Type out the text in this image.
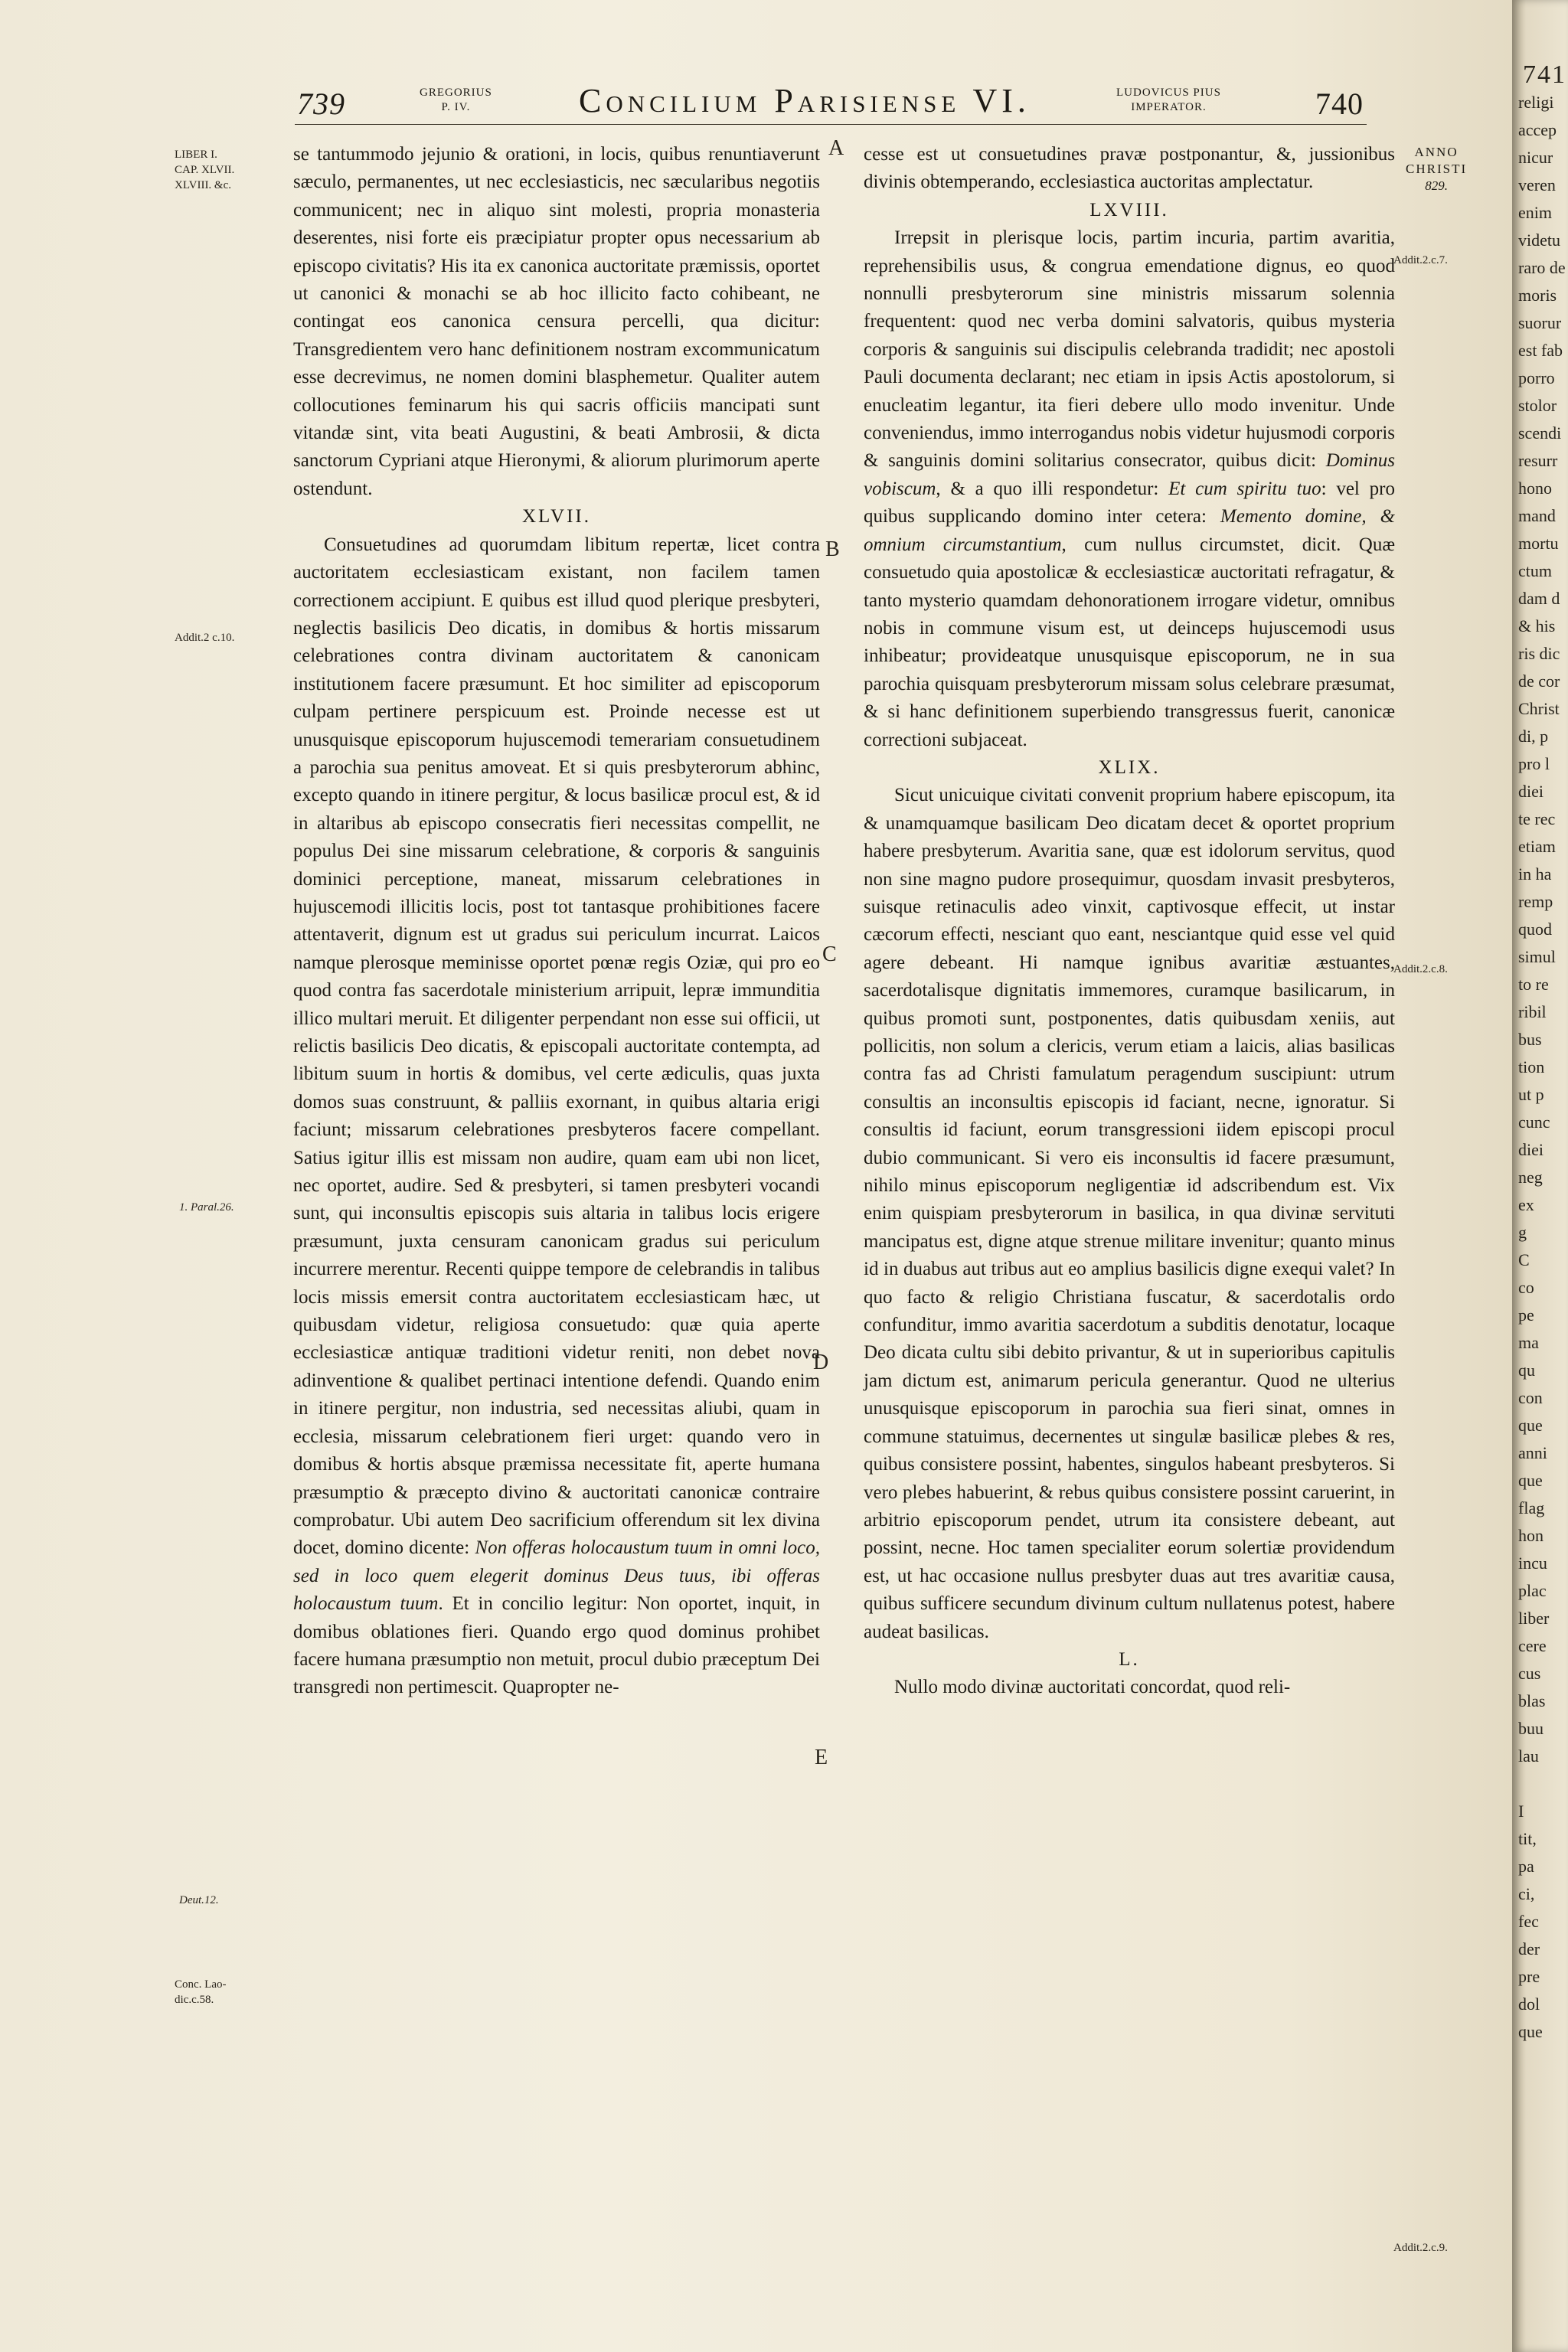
739	GREGORIUS
P. IV.	Concilium Parisiense VI.	LUDOVICUS PIUS
IMPERATOR.	740
LIBER I.
CAP. XLVII.
XLVIII. &c.
Addit.2 c.10.
1. Paral.26.
Deut.12.
Conc. Lao-
dic.c.58.
A
B
C
D
E
ANNO
CHRISTI
829.
Addit.2.c.7.
Addit.2.c.8.
Addit.2.c.9.

se tantummodo jejunio & orationi, in locis, quibus renuntiaverunt sæculo, permanentes, ut nec ecclesiasticis, nec sæcularibus negotiis communicent; nec in aliquo sint molesti, propria monasteria deserentes, nisi forte eis præcipiatur propter opus necessarium ab episcopo civitatis? His ita ex canonica auctoritate præmissis, oportet ut canonici & monachi se ab hoc illicito facto cohibeant, ne contingat eos canonica censura percelli, qua dicitur: Transgredientem vero hanc definitionem nostram excommunicatum esse decrevimus, ne nomen domini blasphemetur. Qualiter autem collocutiones feminarum his qui sacris officiis mancipati sunt vitandæ sint, vita beati Augustini, & beati Ambrosii, & dicta sanctorum Cypriani atque Hieronymi, & aliorum plurimorum aperte ostendunt.

XLVII.

Consuetudines ad quorumdam libitum repertæ, licet contra auctoritatem ecclesiasticam existant, non facilem tamen correctionem accipiunt. E quibus est illud quod plerique presbyteri, neglectis basilicis Deo dicatis, in domibus & hortis missarum celebrationes contra divinam auctoritatem & canonicam institutionem facere præsumunt. Et hoc similiter ad episcoporum culpam pertinere perspicuum est. Proinde necesse est ut unusquisque episcoporum hujuscemodi temerariam consuetudinem a parochia sua penitus amoveat. Et si quis presbyterorum abhinc, excepto quando in itinere pergitur, & locus basilicæ procul est, & id in altaribus ab episcopo consecratis fieri necessitas compellit, ne populus Dei sine missarum celebratione, & corporis & sanguinis dominici perceptione, maneat, missarum celebrationes in hujuscemodi illicitis locis, post tot tantasque prohibitiones facere attentaverit, dignum est ut gradus sui periculum incurrat. Laicos namque plerosque meminisse oportet pœnæ regis Oziæ, qui pro eo quod contra fas sacerdotale ministerium arripuit, lepræ immunditia illico multari meruit. Et diligenter perpendant non esse sui officii, ut relictis basilicis Deo dicatis, & episcopali auctoritate contempta, ad libitum suum in hortis & domibus, vel certe ædiculis, quas juxta domos suas construunt, & palliis exornant, in quibus altaria erigi faciunt; missarum celebrationes presbyteros facere compellant. Satius igitur illis est missam non audire, quam eam ubi non licet, nec oportet, audire. Sed & presbyteri, si tamen presbyteri vocandi sunt, qui inconsultis episcopis suis altaria in talibus locis erigere præsumunt, juxta censuram canonicam gradus sui periculum incurrere merentur. Recenti quippe tempore de celebrandis in talibus locis missis emersit contra auctoritatem ecclesiasticam hæc, ut quibusdam videtur, religiosa consuetudo: quæ quia aperte ecclesiasticæ antiquæ traditioni videtur reniti, non debet nova adinventione & qualibet pertinaci intentione defendi. Quando enim in itinere pergitur, non industria, sed necessitas aliubi, quam in ecclesia, missarum celebrationem fieri urget: quando vero in domibus & hortis absque præmissa necessitate fit, aperte humana præsumptio & præcepto divino & auctoritati canonicæ contraire comprobatur. Ubi autem Deo sacrificium offerendum sit lex divina docet, domino dicente: Non offeras holocaustum tuum in omni loco, sed in loco quem elegerit dominus Deus tuus, ibi offeras holocaustum tuum. Et in concilio legitur: Non oportet, inquit, in domibus oblationes fieri. Quando ergo quod dominus prohibet facere humana præsumptio non metuit, procul dubio præceptum Dei transgredi non pertimescit. Quapropter ne-

cesse est ut consuetudines pravæ postponantur, &, jussionibus divinis obtemperando, ecclesiastica auctoritas amplectatur.

LXVIII.

Irrepsit in plerisque locis, partim incuria, partim avaritia, reprehensibilis usus, & congrua emendatione dignus, eo quod nonnulli presbyterorum sine ministris missarum solennia frequentent: quod nec verba domini salvatoris, quibus mysteria corporis & sanguinis sui discipulis celebranda tradidit; nec apostoli Pauli documenta declarant; nec etiam in ipsis Actis apostolorum, si enucleatim legantur, ita fieri debere ullo modo invenitur. Unde conveniendus, immo interrogandus nobis videtur hujusmodi corporis & sanguinis domini solitarius consecrator, quibus dicit: Dominus vobiscum, & a quo illi respondetur: Et cum spiritu tuo: vel pro quibus supplicando domino inter cetera: Memento domine, & omnium circumstantium, cum nullus circumstet, dicit. Quæ consuetudo quia apostolicæ & ecclesiasticæ auctoritati refragatur, & tanto mysterio quamdam dehonorationem irrogare videtur, omnibus nobis in commune visum est, ut deinceps hujuscemodi usus inhibeatur; provideatque unusquisque episcoporum, ne in sua parochia quisquam presbyterorum missam solus celebrare præsumat, & si hanc definitionem superbiendo transgressus fuerit, canonicæ correctioni subjaceat.

XLIX.

Sicut unicuique civitati convenit proprium habere episcopum, ita & unamquamque basilicam Deo dicatam decet & oportet proprium habere presbyterum. Avaritia sane, quæ est idolorum servitus, quod non sine magno pudore prosequimur, quosdam invasit presbyteros, suisque retinaculis adeo vinxit, captivosque effecit, ut instar cæcorum effecti, nesciant quo eant, nesciantque quid esse vel quid agere debeant. Hi namque ignibus avaritiæ æstuantes, sacerdotalisque dignitatis immemores, curamque basilicarum, in quibus promoti sunt, postponentes, datis quibusdam xeniis, aut pollicitis, non solum a clericis, verum etiam a laicis, alias basilicas contra fas ad Christi famulatum peragendum suscipiunt: utrum consultis an inconsultis episcopis id faciant, necne, ignoratur. Si consultis id faciunt, eorum transgressioni iidem episcopi procul dubio communicant. Si vero eis inconsultis id facere præsumunt, nihilo minus episcoporum negligentiæ id adscribendum est. Vix enim quispiam presbyterorum in basilica, in qua divinæ servituti mancipatus est, digne atque strenue militare invenitur; quanto minus id in duabus aut tribus aut eo amplius basilicis digne exequi valet? In quo facto & religio Christiana fuscatur, & sacerdotalis ordo confunditur, immo avaritia sacerdotum a subditis denotatur, locaque Deo dicata cultu sibi debito privantur, & ut in superioribus capitulis jam dictum est, animarum pericula generantur. Quod ne ulterius unusquisque episcoporum in parochia sua fieri sinat, omnes in commune statuimus, decernentes ut singulæ basilicæ plebes & res, quibus consistere possint, habentes, singulos habeant presbyteros. Si vero plebes habuerint, & rebus quibus consistere possint caruerint, in arbitrio episcoporum pendet, utrum ita consistere debeant, aut possint, necne. Hoc tamen specialiter eorum solertiæ providendum est, ut hac occasione nullus presbyter duas aut tres avaritiæ causa, quibus sufficere secundum divinum cultum nullatenus potest, habere audeat basilicas.

L.

Nullo modo divinæ auctoritati concordat, quod reli-

741
religi
accep
nicur
veren
enim
videtu
raro de
moris
suorur
est fab
porro
stolor
scendi
resurr
hono
mand
mortu
ctum
dam d
& his
ris dic
de cor
Christ
di, p
pro l
diei
te rec
etiam
in ha
remp
quod
simul
to re
ribil
bus
tion
ut p
cunc
diei
neg
ex
g
C
co
pe
ma
qu
con
que
anni
que
flag
hon
incu
plac
liber
cere
cus
blas
buu
lau

I
tit,
pa
ci,
fec
der
pre
dol
que
